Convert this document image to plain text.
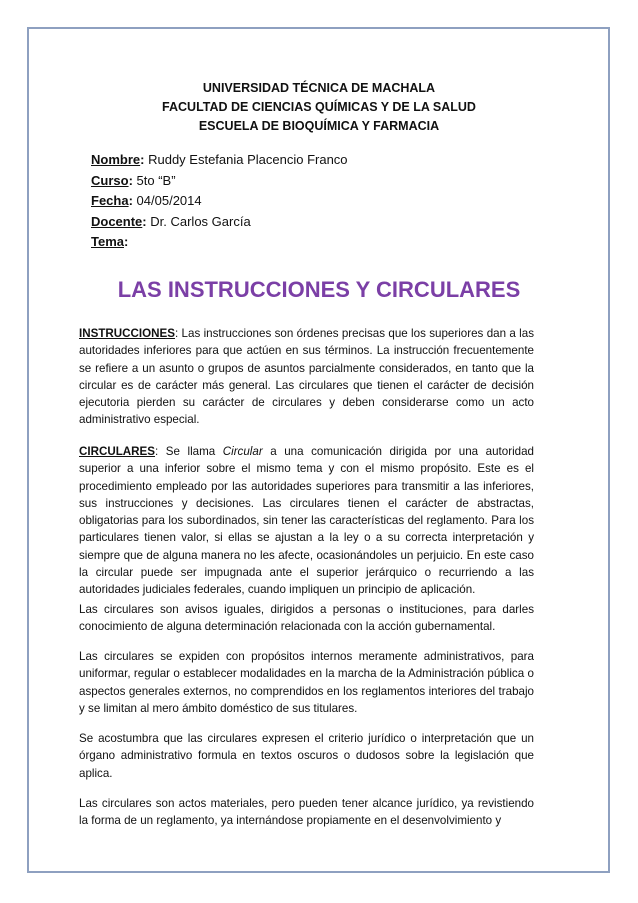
UNIVERSIDAD TÉCNICA DE MACHALA
FACULTAD DE CIENCIAS QUÍMICAS Y DE LA SALUD
ESCUELA DE BIOQUÍMICA Y FARMACIA
Nombre: Ruddy Estefania Placencio Franco
Curso: 5to “B”
Fecha: 04/05/2014
Docente: Dr. Carlos García
Tema:
LAS INSTRUCCIONES Y CIRCULARES
INSTRUCCIONES: Las instrucciones son órdenes precisas que los superiores dan a las autoridades inferiores para que actúen en sus términos. La instrucción frecuentemente se refiere a un asunto o grupos de asuntos parcialmente considerados, en tanto que la circular es de carácter más general. Las circulares que tienen el carácter de decisión ejecutoria pierden su carácter de circulares y deben considerarse como un acto administrativo especial.
CIRCULARES: Se llama Circular a una comunicación dirigida por una autoridad superior a una inferior sobre el mismo tema y con el mismo propósito. Este es el procedimiento empleado por las autoridades superiores para transmitir a las inferiores, sus instrucciones y decisiones. Las circulares tienen el carácter de abstractas, obligatorias para los subordinados, sin tener las características del reglamento. Para los particulares tienen valor, si ellas se ajustan a la ley o a su correcta interpretación y siempre que de alguna manera no les afecte, ocasionándoles un perjuicio. En este caso la circular puede ser impugnada ante el superior jerárquico o recurriendo a las autoridades judiciales federales, cuando impliquen un principio de aplicación.
Las circulares son avisos iguales, dirigidos a personas o instituciones, para darles conocimiento de alguna determinación relacionada con la acción gubernamental.
Las circulares se expiden con propósitos internos meramente administrativos, para uniformar, regular o establecer modalidades en la marcha de la Administración pública o aspectos generales externos, no comprendidos en los reglamentos interiores del trabajo y se limitan al mero ámbito doméstico de sus titulares.
Se acostumbra que las circulares expresen el criterio jurídico o interpretación que un órgano administrativo formula en textos oscuros o dudosos sobre la legislación que aplica.
Las circulares son actos materiales, pero pueden tener alcance jurídico, ya revistiendo la forma de un reglamento, ya internándose propiamente en el desenvolvimiento y
